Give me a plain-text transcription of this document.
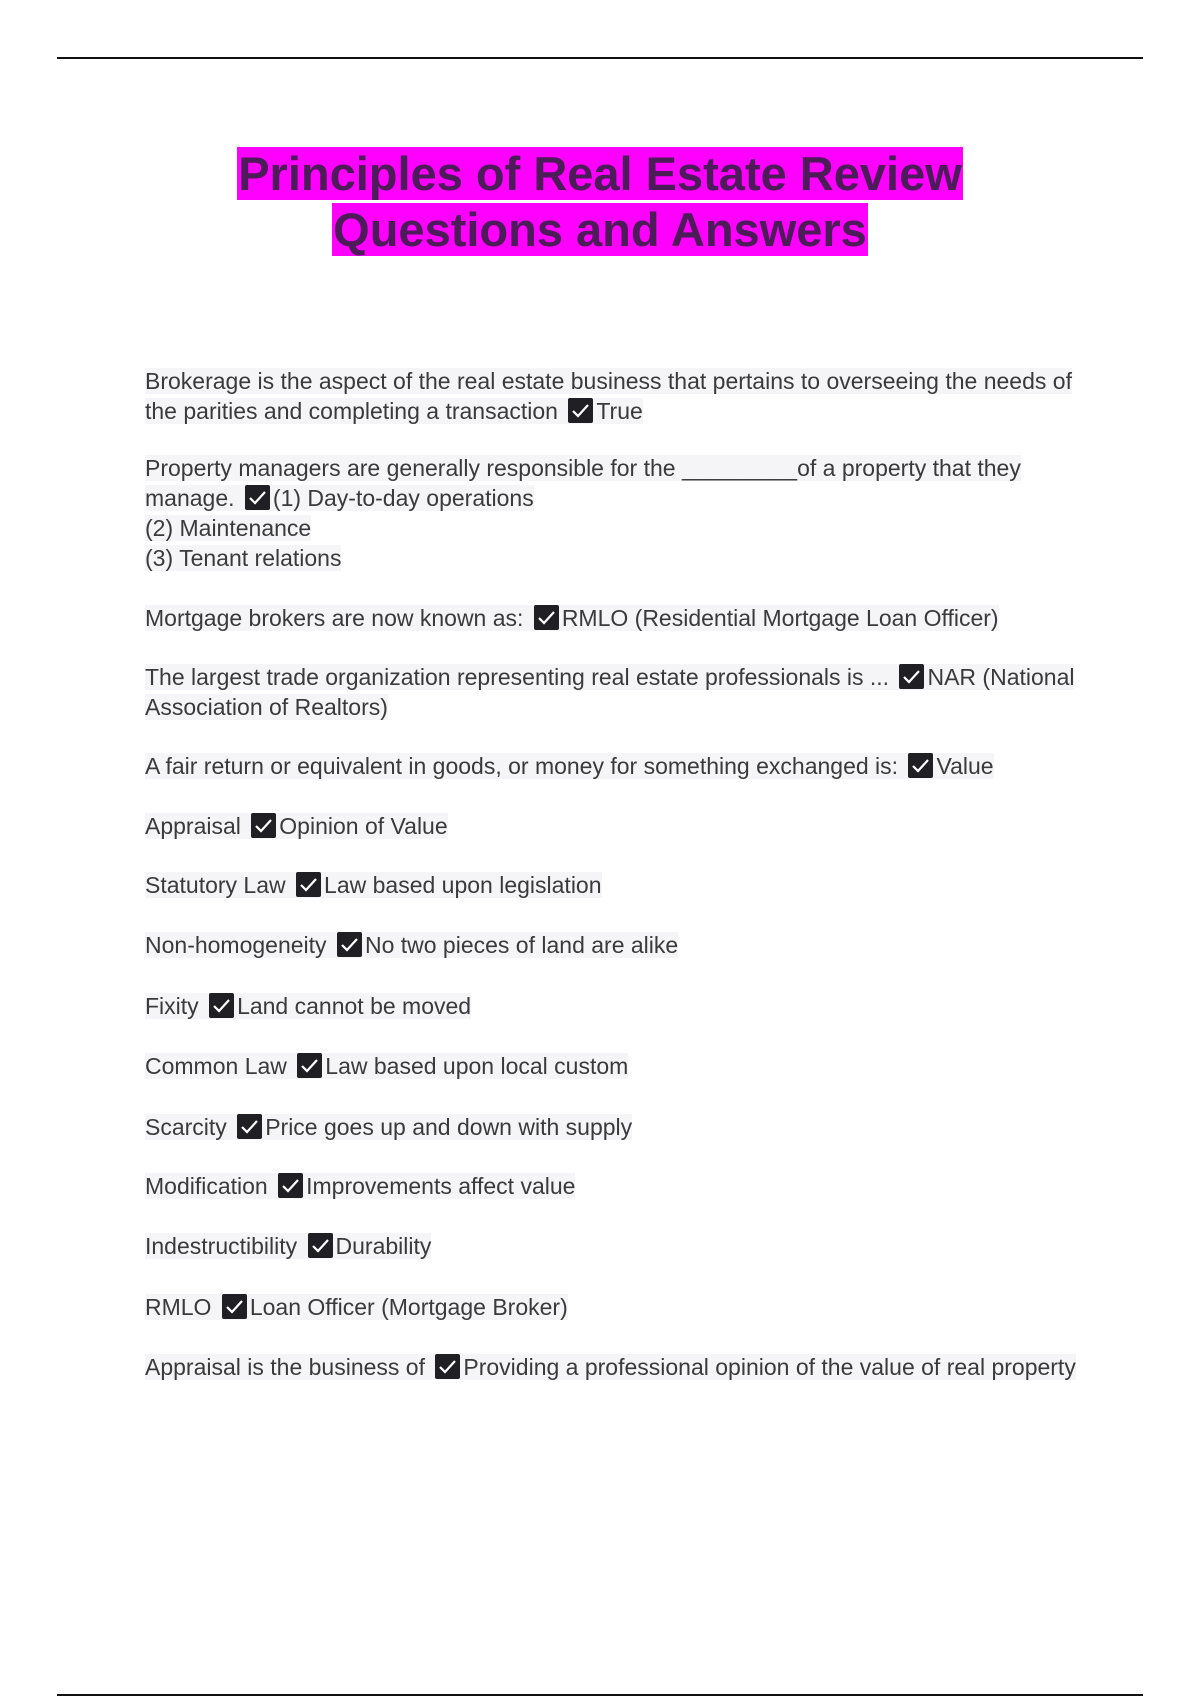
Principles of Real Estate Review
Questions and Answers
Brokerage is the aspect of the real estate business that pertains to overseeing the needs of the parities and completing a transaction True
Property managers are generally responsible for the _________of a property that they manage. (1) Day-to-day operations
(2) Maintenance
(3) Tenant relations
Mortgage brokers are now known as: RMLO (Residential Mortgage Loan Officer)
The largest trade organization representing real estate professionals is ... NAR (National Association of Realtors)
A fair return or equivalent in goods, or money for something exchanged is: Value
Appraisal Opinion of Value
Statutory Law Law based upon legislation
Non-homogeneity No two pieces of land are alike
Fixity Land cannot be moved
Common Law Law based upon local custom
Scarcity Price goes up and down with supply
Modification Improvements affect value
Indestructibility Durability
RMLO Loan Officer (Mortgage Broker)
Appraisal is the business of Providing a professional opinion of the value of real property
